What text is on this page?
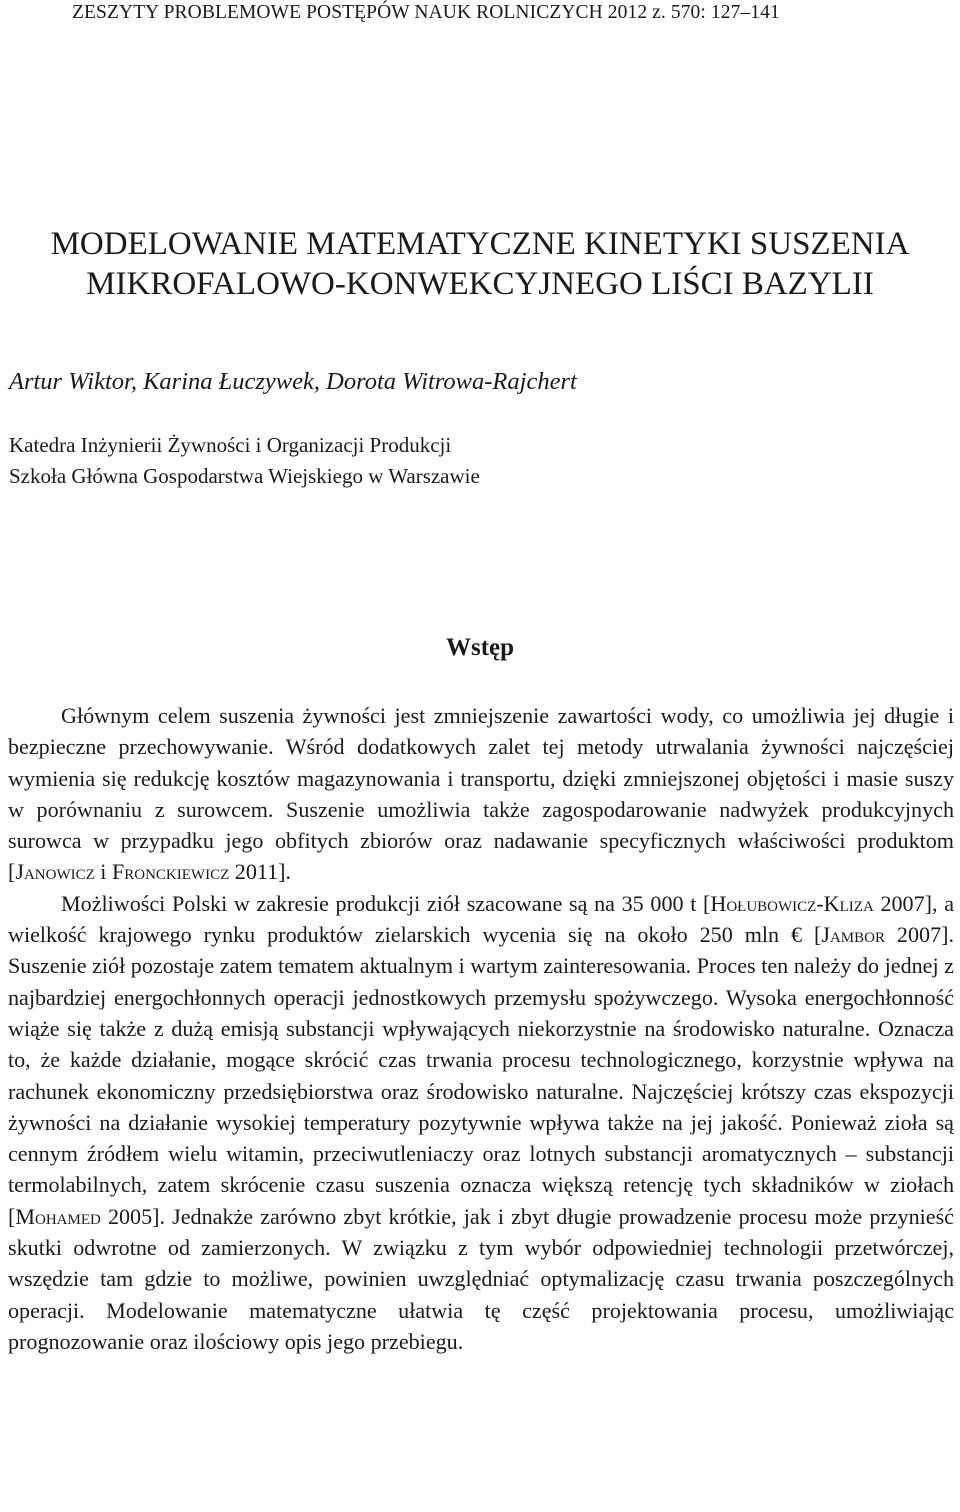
ZESZYTY PROBLEMOWE POSTĘPÓW NAUK ROLNICZYCH 2012 z. 570: 127–141
MODELOWANIE MATEMATYCZNE KINETYKI SUSZENIA
MIKROFALOWO-KONWEKCYJNEGO LIŚCI BAZYLII
Artur Wiktor, Karina Łuczywek, Dorota Witrowa-Rajchert
Katedra Inżynierii Żywności i Organizacji Produkcji
Szkoła Główna Gospodarstwa Wiejskiego w Warszawie
Wstęp

Głównym celem suszenia żywności jest zmniejszenie zawartości wody, co umożliwia jej długie i bezpieczne przechowywanie. Wśród dodatkowych zalet tej metody utrwalania żywności najczęściej wymienia się redukcję kosztów magazynowania i transportu, dzięki zmniejszonej objętości i masie suszy w porównaniu z surowcem. Suszenie umożliwia także zagospodarowanie nadwyżek produkcyjnych surowca w przypadku jego obfitych zbiorów oraz nadawanie specyficznych właściwości produktom [Janowicz i Fronckiewicz 2011].

Możliwości Polski w zakresie produkcji ziół szacowane są na 35 000 t [Hołubowicz-Kliza 2007], a wielkość krajowego rynku produktów zielarskich wycenia się na około 250 mln € [Jambor 2007]. Suszenie ziół pozostaje zatem tematem aktualnym i wartym zainteresowania. Proces ten należy do jednej z najbardziej energochłonnych operacji jednostkowych przemysłu spożywczego. Wysoka energochłonność wiąże się także z dużą emisją substancji wpływających niekorzystnie na środowisko naturalne. Oznacza to, że każde działanie, mogące skrócić czas trwania procesu technologicznego, korzystnie wpływa na rachunek ekonomiczny przedsiębiorstwa oraz środowisko naturalne. Najczęściej krótszy czas ekspozycji żywności na działanie wysokiej temperatury pozytywnie wpływa także na jej jakość. Ponieważ zioła są cennym źródłem wielu witamin, przeciwutleniaczy oraz lotnych substancji aromatycznych – substancji termolabilnych, zatem skrócenie czasu suszenia oznacza większą retencję tych składników w ziołach [Mohamed 2005]. Jednakże zarówno zbyt krótkie, jak i zbyt długie prowadzenie procesu może przynieść skutki odwrotne od zamierzonych. W związku z tym wybór odpowiedniej technologii przetwórczej, wszędzie tam gdzie to możliwe, powinien uwzględniać optymalizację czasu trwania poszczególnych operacji. Modelowanie matematyczne ułatwia tę część projektowania procesu, umożliwiając prognozowanie oraz ilościowy opis jego przebiegu.
